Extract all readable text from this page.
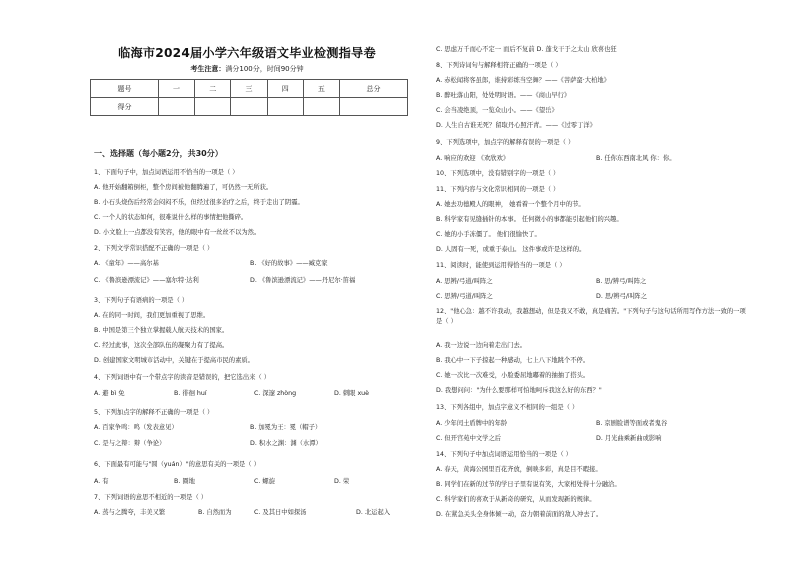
临海市2024届小学六年级语文毕业检测指导卷
考生注意：满分100分，时间90分钟
题号	一	二	三	四	五	总分
得分						
一、选择题（每小题2分，共30分）
1、下面句子中，加点词语运用不恰当的一项是（ ）
A. 他开始翻箱倒柜，整个房间被他翻腾遍了，可仍然一无所获。
B. 小石头烧伤后经常会闷闷不乐，但经过很多治疗之后，终于走出了阴霾。
C. 一个人的状态如何，很难说什么样的事情把他撕碎。
D. 小文脸上一点都没有笑容，他的眼中有一丝丝不以为然。
2、下列文学常识搭配不正确的一项是（ ）
3、下列句子有语病的一项是（ ）
A. 在的同一时间，我们更加重视了思维。
B. 中国是第三个独立掌握载人航天技术的国家。
C. 经过此事，这次全部队伍的凝聚力有了提高。
D. 创建国家文明城市活动中，关键在于提高市民的素质。
4、下列词语中有一个带点字的读音是错误的，把它选出来（ ）
5、下列加点字的解释不正确的一项是（ ）
6、下面最有可能与"圆（yuán）"的意思有关的一项是（ ）
7、下列词语的意思不相近的一项是（ ）
A. 《童年》——高尔基	B. 《好的故事》——臧克家
C. 《鲁滨逊漂流记》——塞尔特·达利	D. 《鲁滨逊漂流记》——丹尼尔·笛福
A. 避 bì 免	B. 徘徊 huí	C. 深邃 zhòng	D. 刺眼 xuè
A. 百家争鸣：鸣（发表意见）	B. 加冕为王：冕（帽子）
C. 是与之辩：辩（争论）	D. 积水之渊：渊（水潭）
A. 有	B. 圈地	C. 螺旋	D. 荣
A. 蒸与之腾夸，丰美又繁	B. 自然而为	C. 及其日中如探汤	D. 北运起入
C. 思虑万千而心不定一 而后不复前 D. 蓬戈干于之太山 欣喜也狂
8、下列诗词句与解释相符正确的一项是（ ）
A. 赤松闻将客虽郎，谁持彩练当空舞？——《菩萨蛮·大柏地》
B. 醉吐落山阳，处处明时语。——《商山早行》
C. 会当凌绝顶，一览众山小。——《望岳》
D. 人生自古谁无死？留取丹心照汗青。——《过零丁洋》
9、下列选项中，加点字的解释有误的一项是（ ）
10、下列选项中，没有错别字的一项是（ ）
11、下列内容与文化常识相同的一项是（ ）
A. 她去功德殿人的眼神， 她看着一个整个月中的节。
B. 科学家有见缝插针的本事。 任何微小的事都能引起他们的兴趣。
C. 她的小手冻僵了。 他们很愉快了。
D. 人固有一死，或重于泰山。 这件事或许是这样的。
11、阅读时，能使到运用得恰当的一项是（ ）
12、"他心急：越不许我动，我越想动，但是我又不敢，真是痛苦。"下列句子与这句话所用写作方法一致的一项
是（ ）
A. 我一边说一边向着走出门去。
B. 我心中一下子掠起一种感动，七上八下地跳个不停。
C. 她一次比一次难受，小脸委屈地嘟着的抽抽了搭头。
D. 我想问问："为什么要那样可怕地呵斥我这么好的东西？"
13、下列各组中，加点字意义不相同的一组是（ ）
14、下列句子中加点词语运用恰当的一项是（ ）
A. 春天，黄海公园里百花齐放，倒映多彩，真是目不暇接。
B. 同学们在新的过节的学日子里有说有笑，大家相处得十分融洽。
C. 科学家们的喜欢于从新奇的研究，从而发现新的规律。
D. 在紧急关头全身体倾一动，奋力朝着前面的敌人冲去了。
A. 响应的欢迎 《欢欣欢》	B. 任你东西南北风 你：你。
A. 思辨/弓道/叫阵之	B. 思/辨弓/叫阵之
C. 思辨/弓道/叫阵之	D. 思/辨弓/叫阵之
A. 少年闰土盾牌中的年龄	B. 京剧脸谱等面或者鬼谷
C. 但开宫苑中文学之后	D. 月光曲乘新曲或影响
